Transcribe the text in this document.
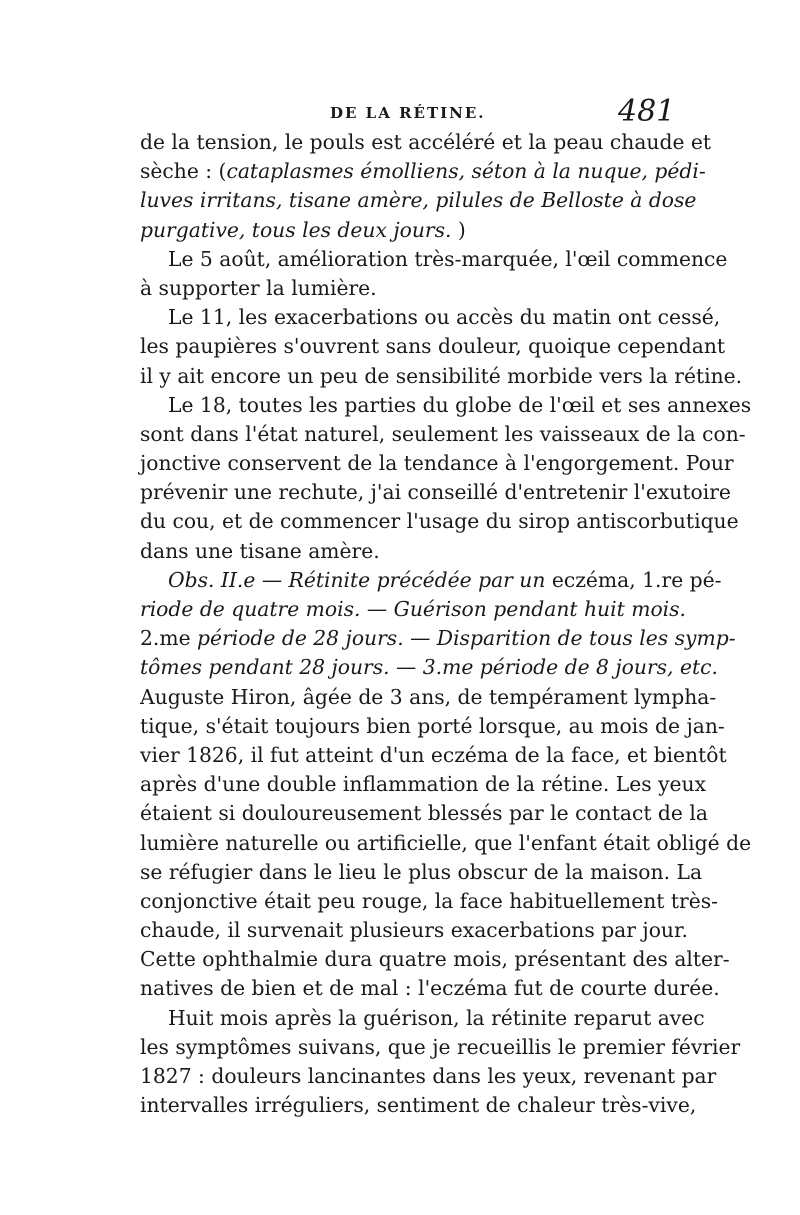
DE LA RÉTINE.	481
de la tension, le pouls est accéléré et la peau chaude et
sèche : (cataplasmes émolliens, séton à la nuque, pédi-
luves irritans, tisane amère, pilules de Belloste à dose
purgative, tous les deux jours. )
Le 5 août, amélioration très-marquée, l'œil commence
à supporter la lumière.
Le 11, les exacerbations ou accès du matin ont cessé,
les paupières s'ouvrent sans douleur, quoique cependant
il y ait encore un peu de sensibilité morbide vers la rétine.
Le 18, toutes les parties du globe de l'œil et ses annexes
sont dans l'état naturel, seulement les vaisseaux de la con-
jonctive conservent de la tendance à l'engorgement. Pour
prévenir une rechute, j'ai conseillé d'entretenir l'exutoire
du cou, et de commencer l'usage du sirop antiscorbutique
dans une tisane amère.
Obs. II.e — Rétinite précédée par un eczéma, 1.re pé-
riode de quatre mois. — Guérison pendant huit mois.
2.me période de 28 jours. — Disparition de tous les symp-
tômes pendant 28 jours. — 3.me période de 8 jours, etc.
Auguste Hiron, âgée de 3 ans, de tempérament lympha-
tique, s'était toujours bien porté lorsque, au mois de jan-
vier 1826, il fut atteint d'un eczéma de la face, et bientôt
après d'une double inflammation de la rétine. Les yeux
étaient si douloureusement blessés par le contact de la
lumière naturelle ou artificielle, que l'enfant était obligé de
se réfugier dans le lieu le plus obscur de la maison. La
conjonctive était peu rouge, la face habituellement très-
chaude, il survenait plusieurs exacerbations par jour.
Cette ophthalmie dura quatre mois, présentant des alter-
natives de bien et de mal : l'eczéma fut de courte durée.
Huit mois après la guérison, la rétinite reparut avec
les symptômes suivans, que je recueillis le premier février
1827 : douleurs lancinantes dans les yeux, revenant par
intervalles irréguliers, sentiment de chaleur très-vive,
